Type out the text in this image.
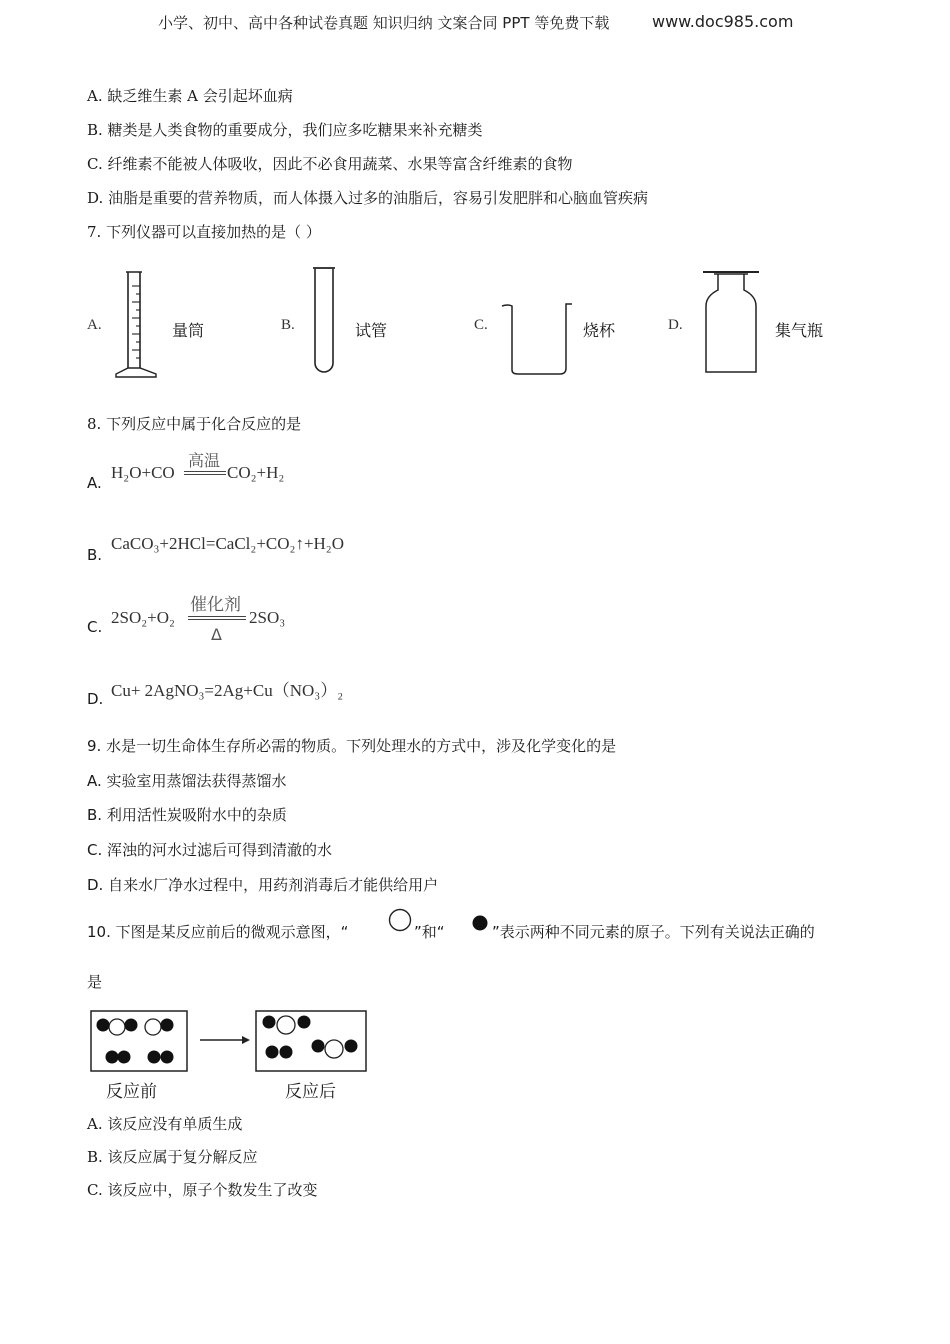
小学、初中、高中各种试卷真题 知识归纳 文案合同 PPT 等免费下载	www.doc985.com
A. 缺乏维生素 A 会引起坏血病
B. 糖类是人类食物的重要成分，我们应多吃糖果来补充糖类
C. 纤维素不能被人体吸收，因此不必食用蔬菜、水果等富含纤维素的食物
D. 油脂是重要的营养物质，而人体摄入过多的油脂后，容易引发肥胖和心脑血管疾病
7. 下列仪器可以直接加热的是（ ）
A.	量筒	B.	试管	C.	烧杯	D.	集气瓶
8. 下列反应中属于化合反应的是
A.
H₂O+CO
高温
CO₂+H₂
B.
CaCO₃+2HCl=CaCl₂+CO₂↑+H₂O
C. 2SO₂+O₂
催化剂
Δ
2SO₃
D. Cu+ 2AgNO₃=2Ag+Cu（NO₃）₂
9. 水是一切生命体生存所必需的物质。下列处理水的方式中，涉及化学变化的是
A. 实验室用蒸馏法获得蒸馏水
B. 利用活性炭吸附水中的杂质
C. 浑浊的河水过滤后可得到清澈的水
D. 自来水厂净水过程中，用药剂消毒后才能供给用户
10. 下图是某反应前后的微观示意图，“	”和“	”表示两种不同元素的原子。下列有关说法正确的
是
反应前	反应后
A. 该反应没有单质生成
B. 该反应属于复分解反应
C. 该反应中，原子个数发生了改变
